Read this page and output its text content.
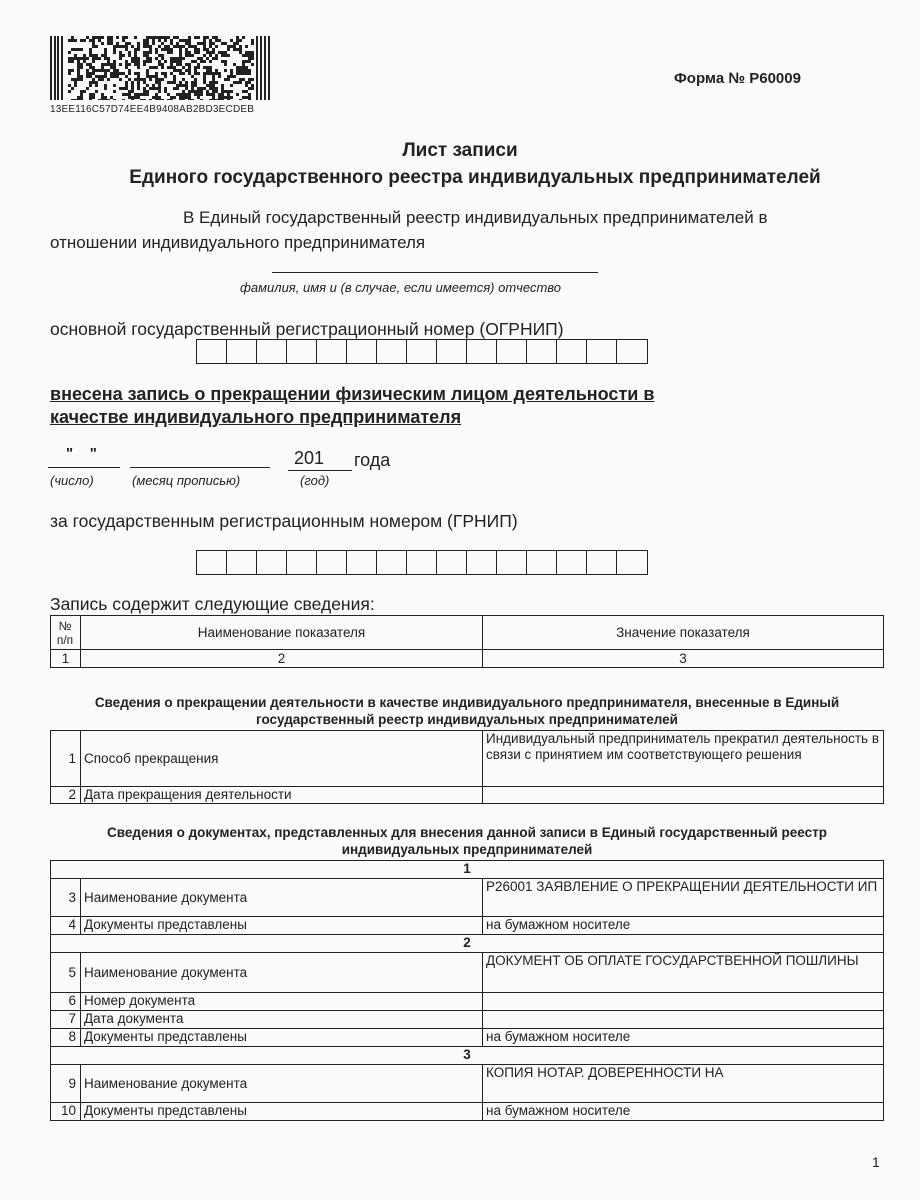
13EE116C57D74EE4B9408AB2BD3ECDEB
Форма № Р60009
Лист записи
Единого государственного реестра индивидуальных предпринимателей
В Единый государственный реестр индивидуальных предпринимателей в
отношении индивидуального предпринимателя
фамилия, имя и (в случае, если имеется) отчество
основной государственный регистрационный номер (ОГРНИП)
внесена запись о прекращении физическим лицом деятельности в
качестве индивидуального предпринимателя
"    "	201 года
(число)	(месяц прописью)	(год)
за государственным регистрационным номером (ГРНИП)
Запись содержит следующие сведения:
№ п/п	Наименование показателя	Значение показателя
1	2	3
Сведения о прекращении деятельности в качестве индивидуального предпринимателя, внесенные в Единый государственный реестр индивидуальных предпринимателей
1	Способ прекращения	Индивидуальный предприниматель прекратил деятельность в связи с принятием им соответствующего решения
2	Дата прекращения деятельности	
Сведения о документах, представленных для внесения данной записи в Единый государственный реестр индивидуальных предпринимателей
1		
3	Наименование документа	Р26001 ЗАЯВЛЕНИЕ О ПРЕКРАЩЕНИИ ДЕЯТЕЛЬНОСТИ ИП
4	Документы представлены	на бумажном носителе
2		
5	Наименование документа	ДОКУМЕНТ ОБ ОПЛАТЕ ГОСУДАРСТВЕННОЙ ПОШЛИНЫ
6	Номер документа	
7	Дата документа	
8	Документы представлены	на бумажном носителе
3		
9	Наименование документа	КОПИЯ НОТАР. ДОВЕРЕННОСТИ НА
10	Документы представлены	на бумажном носителе
1
